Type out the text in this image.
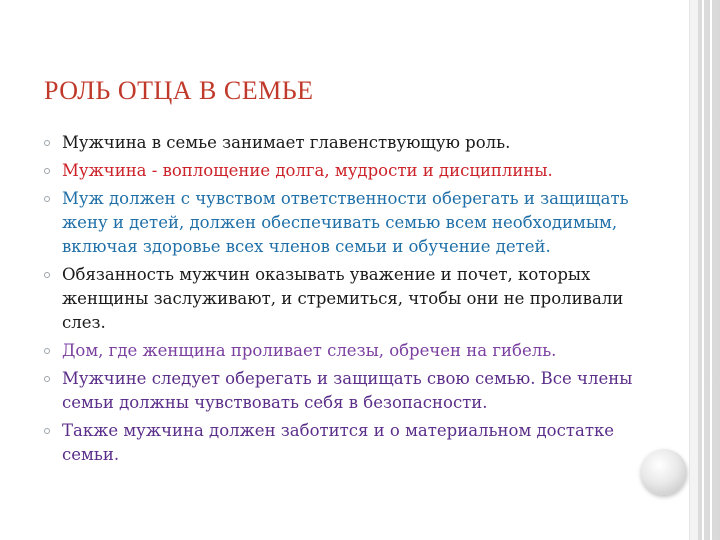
РОЛЬ ОТЦА В СЕМЬЕ
Мужчина в семье занимает главенствующую роль.
Мужчина - воплощение долга, мудрости и дисциплины.
Муж должен с чувством ответственности оберегать и защищать жену и детей, должен обеспечивать семью всем необходимым, включая здоровье всех членов семьи и обучение детей.
Обязанность мужчин оказывать уважение и почет, которых женщины заслуживают, и стремиться, чтобы они не проливали слез.
Дом, где женщина проливает слезы, обречен на гибель.
Мужчине следует оберегать и защищать свою семью. Все члены семьи должны чувствовать себя в безопасности.
Также мужчина должен заботится и о материальном достатке семьи.
